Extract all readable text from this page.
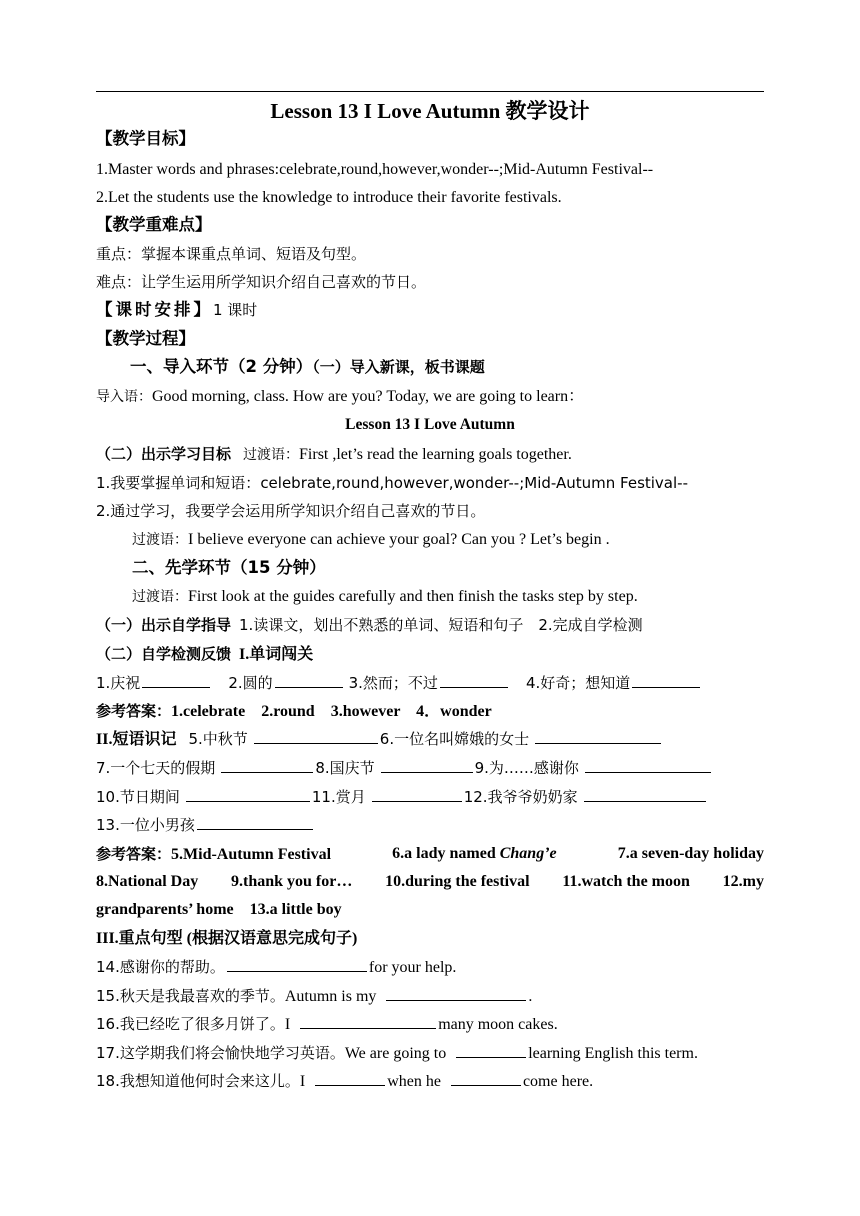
Lesson 13 I Love Autumn 教学设计
【教学目标】
1.Master words and phrases:celebrate,round,however,wonder--;Mid-Autumn Festival--
2.Let the students use the knowledge to introduce their favorite festivals.
【教学重难点】
重点：掌握本课重点单词、短语及句型。
难点：让学生运用所学知识介绍自己喜欢的节日。
【课时安排】1 课时
【教学过程】
一、导入环节（2 分钟）（一）导入新课，板书课题
导入语：Good morning, class. How are you? Today, we are going to learn：
Lesson 13 I Love Autumn
（二）出示学习目标 过渡语：First ,let’s read the learning goals together.
1.我要掌握单词和短语：celebrate,round,however,wonder--;Mid-Autumn Festival--
2.通过学习，我要学会运用所学知识介绍自己喜欢的节日。
过渡语：I believe everyone can achieve your goal? Can you ? Let’s begin .
二、先学环节（15 分钟）
过渡语：First look at the guides carefully and then finish the tasks step by step.
（一）出示自学指导 1.读课文，划出不熟悉的单词、短语和句子　2.完成自学检测
（二）自学检测反馈 I.单词闯关
1.庆祝	2.圆的	3.然而；不过	4.好奇；想知道
参考答案：1.celebrate　2.round　3.however　4．wonder
II.短语识记 5.中秋节	6.一位名叫嫦娥的女士
7.一个七天的假期	8.国庆节	9.为……感谢你
10.节日期间	11.赏月	12.我爷爷奶奶家
13.一位小男孩
参考答案：5.Mid-Autumn Festival	6.a lady named Chang’e	7.a seven-day holiday
8.National Day 9.thank you for… 10.during the festival 11.watch the moon 12.my
grandparents’ home　13.a little boy
III.重点句型 (根据汉语意思完成句子)
14.感谢你的帮助。	for your help.
15.秋天是我最喜欢的季节。Autumn is my	.
16.我已经吃了很多月饼了。I	many moon cakes.
17.这学期我们将会愉快地学习英语。We are going to	learning English this term.
18.我想知道他何时会来这儿。I	when he	come here.
